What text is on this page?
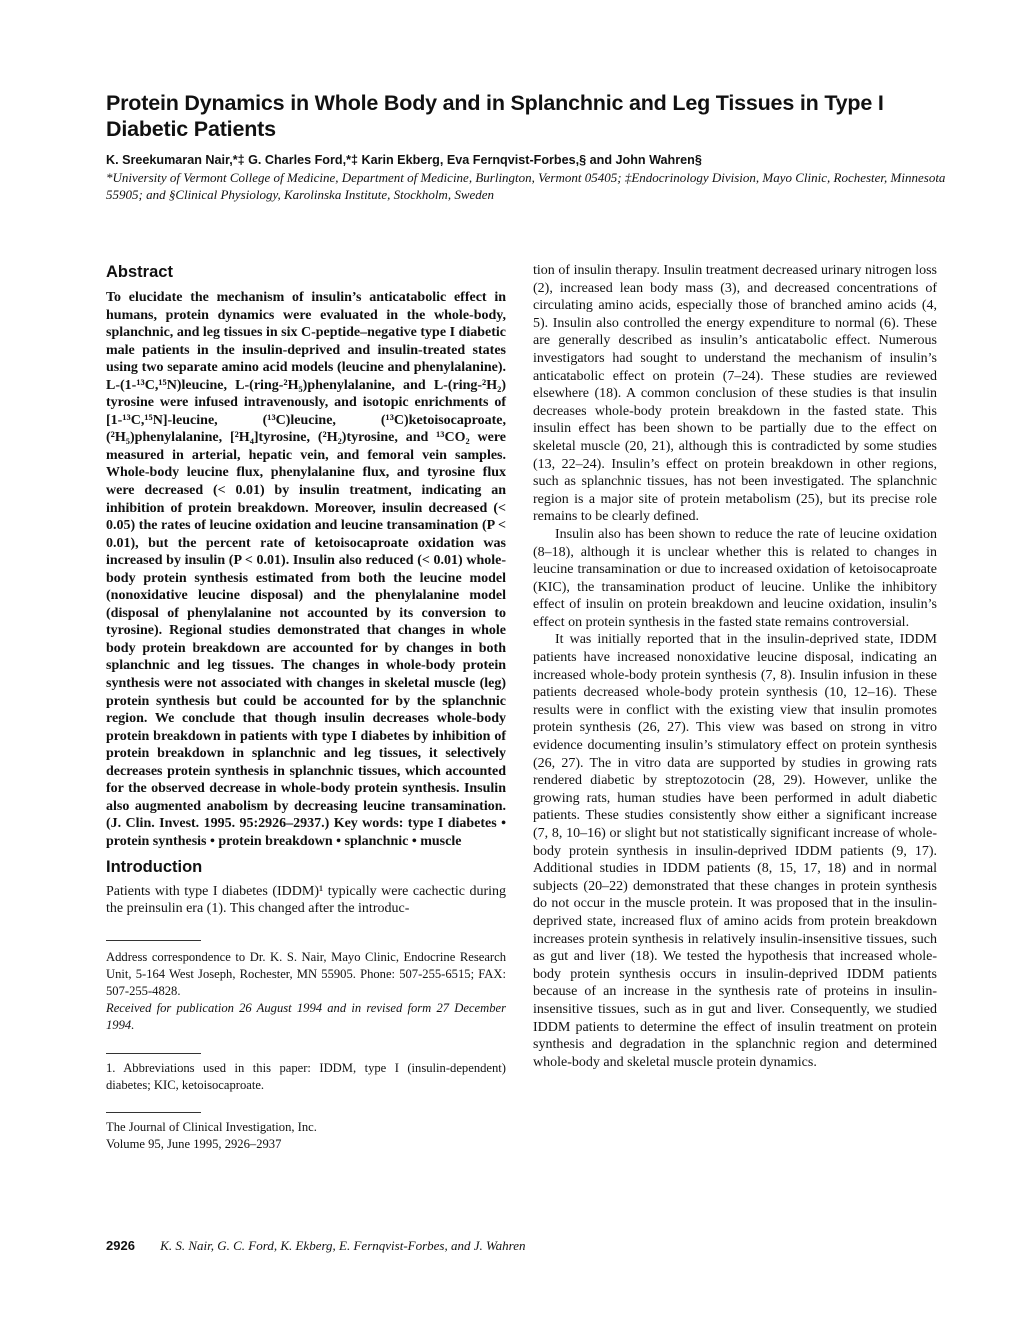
Protein Dynamics in Whole Body and in Splanchnic and Leg Tissues in Type I Diabetic Patients
K. Sreekumaran Nair,*‡ G. Charles Ford,*‡ Karin Ekberg, Eva Fernqvist-Forbes,§ and John Wahren§
*University of Vermont College of Medicine, Department of Medicine, Burlington, Vermont 05405; ‡Endocrinology Division, Mayo Clinic, Rochester, Minnesota 55905; and §Clinical Physiology, Karolinska Institute, Stockholm, Sweden
Abstract

To elucidate the mechanism of insulin’s anticatabolic effect in humans, protein dynamics were evaluated in the whole-body, splanchnic, and leg tissues in six C-peptide–negative type I diabetic male patients in the insulin-deprived and insulin-treated states using two separate amino acid models (leucine and phenylalanine). L-(1-¹³C,¹⁵N)leucine, L-(ring-²H₅)phenylalanine, and L-(ring-²H₂) tyrosine were infused intravenously, and isotopic enrichments of [1-¹³C,¹⁵N]-leucine, (¹³C)leucine, (¹³C)ketoisocaproate, (²H₅)phenylalanine, [²H₄]tyrosine, (²H₂)tyrosine, and ¹³CO₂ were measured in arterial, hepatic vein, and femoral vein samples. Whole-body leucine flux, phenylalanine flux, and tyrosine flux were decreased (< 0.01) by insulin treatment, indicating an inhibition of protein breakdown. Moreover, insulin decreased (< 0.05) the rates of leucine oxidation and leucine transamination (P < 0.01), but the percent rate of ketoisocaproate oxidation was increased by insulin (P < 0.01). Insulin also reduced (< 0.01) whole-body protein synthesis estimated from both the leucine model (nonoxidative leucine disposal) and the phenylalanine model (disposal of phenylalanine not accounted by its conversion to tyrosine). Regional studies demonstrated that changes in whole body protein breakdown are accounted for by changes in both splanchnic and leg tissues. The changes in whole-body protein synthesis were not associated with changes in skeletal muscle (leg) protein synthesis but could be accounted for by the splanchnic region. We conclude that though insulin decreases whole-body protein breakdown in patients with type I diabetes by inhibition of protein breakdown in splanchnic and leg tissues, it selectively decreases protein synthesis in splanchnic tissues, which accounted for the observed decrease in whole-body protein synthesis. Insulin also augmented anabolism by decreasing leucine transamination. (J. Clin. Invest. 1995. 95:2926–2937.) Key words: type I diabetes • protein synthesis • protein breakdown • splanchnic • muscle

Introduction

Patients with type I diabetes (IDDM)¹ typically were cachectic during the preinsulin era (1). This changed after the introduc-

Address correspondence to Dr. K. S. Nair, Mayo Clinic, Endocrine Research Unit, 5-164 West Joseph, Rochester, MN 55905. Phone: 507-255-6515; FAX: 507-255-4828.

Received for publication 26 August 1994 and in revised form 27 December 1994.

1. Abbreviations used in this paper: IDDM, type I (insulin-dependent) diabetes; KIC, ketoisocaproate.

The Journal of Clinical Investigation, Inc.

Volume 95, June 1995, 2926–2937

tion of insulin therapy. Insulin treatment decreased urinary nitrogen loss (2), increased lean body mass (3), and decreased concentrations of circulating amino acids, especially those of branched amino acids (4, 5). Insulin also controlled the energy expenditure to normal (6). These are generally described as insulin’s anticatabolic effect. Numerous investigators had sought to understand the mechanism of insulin’s anticatabolic effect on protein (7–24). These studies are reviewed elsewhere (18). A common conclusion of these studies is that insulin decreases whole-body protein breakdown in the fasted state. This insulin effect has been shown to be partially due to the effect on skeletal muscle (20, 21), although this is contradicted by some studies (13, 22–24). Insulin’s effect on protein breakdown in other regions, such as splanchnic tissues, has not been investigated. The splanchnic region is a major site of protein metabolism (25), but its precise role remains to be clearly defined.

Insulin also has been shown to reduce the rate of leucine oxidation (8–18), although it is unclear whether this is related to changes in leucine transamination or due to increased oxidation of ketoisocaproate (KIC), the transamination product of leucine. Unlike the inhibitory effect of insulin on protein breakdown and leucine oxidation, insulin’s effect on protein synthesis in the fasted state remains controversial.

It was initially reported that in the insulin-deprived state, IDDM patients have increased nonoxidative leucine disposal, indicating an increased whole-body protein synthesis (7, 8). Insulin infusion in these patients decreased whole-body protein synthesis (10, 12–16). These results were in conflict with the existing view that insulin promotes protein synthesis (26, 27). This view was based on strong in vitro evidence documenting insulin’s stimulatory effect on protein synthesis (26, 27). The in vitro data are supported by studies in growing rats rendered diabetic by streptozotocin (28, 29). However, unlike the growing rats, human studies have been performed in adult diabetic patients. These studies consistently show either a significant increase (7, 8, 10–16) or slight but not statistically significant increase of whole-body protein synthesis in insulin-deprived IDDM patients (9, 17). Additional studies in IDDM patients (8, 15, 17, 18) and in normal subjects (20–22) demonstrated that these changes in protein synthesis do not occur in the muscle protein. It was proposed that in the insulin-deprived state, increased flux of amino acids from protein breakdown increases protein synthesis in relatively insulin-insensitive tissues, such as gut and liver (18). We tested the hypothesis that increased whole-body protein synthesis occurs in insulin-deprived IDDM patients because of an increase in the synthesis rate of proteins in insulin-insensitive tissues, such as in gut and liver. Consequently, we studied IDDM patients to determine the effect of insulin treatment on protein synthesis and degradation in the splanchnic region and determined whole-body and skeletal muscle protein dynamics.

2926 K. S. Nair, G. C. Ford, K. Ekberg, E. Fernqvist-Forbes, and J. Wahren
